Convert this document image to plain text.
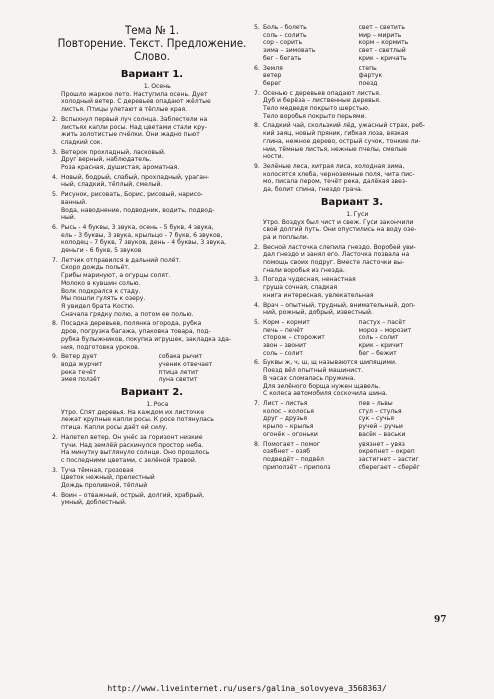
Тема № 1.
Повторение. Текст. Предложение.
Слово.
Вариант 1.
1. Осень
Прошло жаркое лето. Наступила осень. Дует
холодный ветер. С деревьев опадают жёлтые
листья. Птицы улетают в тёплые края.
2. Вспыхнул первый луч солнца. Заблестели на
листьях капли росы. Над цветами стали кру-
жить золотистые пчёлки. Они жадно пьют
сладкий сок.
3. Ветерок прохладный, ласковый.
Друг верный, наблюдатель.
Роза красная, душистая, ароматная.
4. Новый, бодрый, слабый, прохладный, ураган-
ный, сладкий, тёплый, смелый.
5. Рисунок, рисовать, Борис, рисовый, нарисо-
ванный.
Вода, наводнение, подводник, водить, подвод-
ный.
6. Рысь - 4 буквы, 3 звука, осень - 5 букв, 4 звука,
ель - 3 буквы, 3 звука, крыльцо - 7 букв, 6 звуков,
колодец - 7 букв, 7 звуков, день - 4 буквы, 3 звука,
деньги - 6 букв, 5 звуков
7. Летчик отправился в дальний полёт.
Скоро дождь польёт.
Грибы маринуют, а огурцы солят.
Молоко в кувшин солью.
Волк подкрался к стаду.
Мы пошли гулять к озеру.
Я увидел брата Костю.
Сначала грядку полю, а потом ее полью.
8. Посадка деревьев, полянка огорода, рубка
дров, погрузка багажа, упаковка товара, под-
рубка булыжников, покупка игрушек, закладка зда-
ния, подготовка уроков.
9. Ветер дует	собака рычит
вода журчит	ученик отвечает
река течёт	птица летит
змея ползёт	луна светит
Вариант 2.
1. Роса
Утро. Спят деревья. На каждом их листочке
лежат крупные капли росы. К росе потянулась
птица. Капли росы даёт ей силу.
2. Налетел ветер. Он унёс за горизонт низкие
тучи. Над землёй раскинулся простор неба.
На минутку выглянуло солнце. Оно прошлось
с последними цветами, с зелёной травой.
3. Туча тёмная, грозовая
Цветок нежный, прелестный
Дождь проливной, тёплый
4. Воин – отважный, острый, долгий, храбрый,
умный, доблестный.
5. Боль - болеть	свет – светить
соль – солить	мир – мирить
сор - сорить	корм – кормить
зима – зимовать	свет - светлый
бег - бегать	крик – кричать
6. Земля	степь
ветер	фартук
берег	поезд
7. Осенью с деревьев опадают листья.
Дуб и берёза – лиственные деревья.
Тело медведя покрыто шерстью.
Тело воробья покрыто перьями.
8. Сладкий чай, скользкий лёд, ужасный страх, реб-
кий заяц, новый пряник, гибкая лоза, вязкая
глина, нежное дерево, острый сучок, тонкие ли-
нии, тёмные листья, нежные пчелы, смелые
ности.
9. Зелёные леса, хитрая лиса, холодная зима,
колосятся хлеба, черноземные поля, чита пис-
мо, писала пером, течёт река, далёкая звез-
да, болит спина, гнездо грача.
Вариант 3.
1. Гуси
Утро. Воздух был чист и свеж. Гуси закончили
свой долгий путь. Они опустились на воду озе-
ра и поплыли.
2. Весной ласточка слепила гнездо. Воробей уви-
дал гнездо и занял его. Ласточка позвала на
помощь своих подруг. Вместе ласточки вы-
гнали воробья из гнезда.
3. Погода чудесная, ненастная
груша сочная, сладкая
книга интересная, увлекательная
4. Врач – опытный, трудный, внимательный, доп-
ний, рожный, добрый, известный.
5. Корм – кормит	пастух – пасёт
печь – печёт	мороз – морозит
сторож – сторожит	соль – солит
звон – звонит	крик – кричит
соль – солит	бег – бежит
6. Буквы ж, ч, ш, щ называются шипящими.
Поезд вёл опытный машинист.
В часах сломалась пружина.
Для зелёного борща нужен щавель.
С колеса автомобиля соскочила шина.
7. Лист – листья	пев – львы
колос – колосья	стул – стулья
друг – друзья	сук – сучья
крыло – крылья	ручей – ручьи
огонёк – огоньки	васёк – васьки
8. Помогает – помог	увязнет – увяз
озябнет – озяб	окрепнет – окреп
подведёт – подвёл	застигнет – застиг
приползёт – приполз	сберегает – сберёг
97
http://www.liveinternet.ru/users/galina_solovyeva_3568363/
